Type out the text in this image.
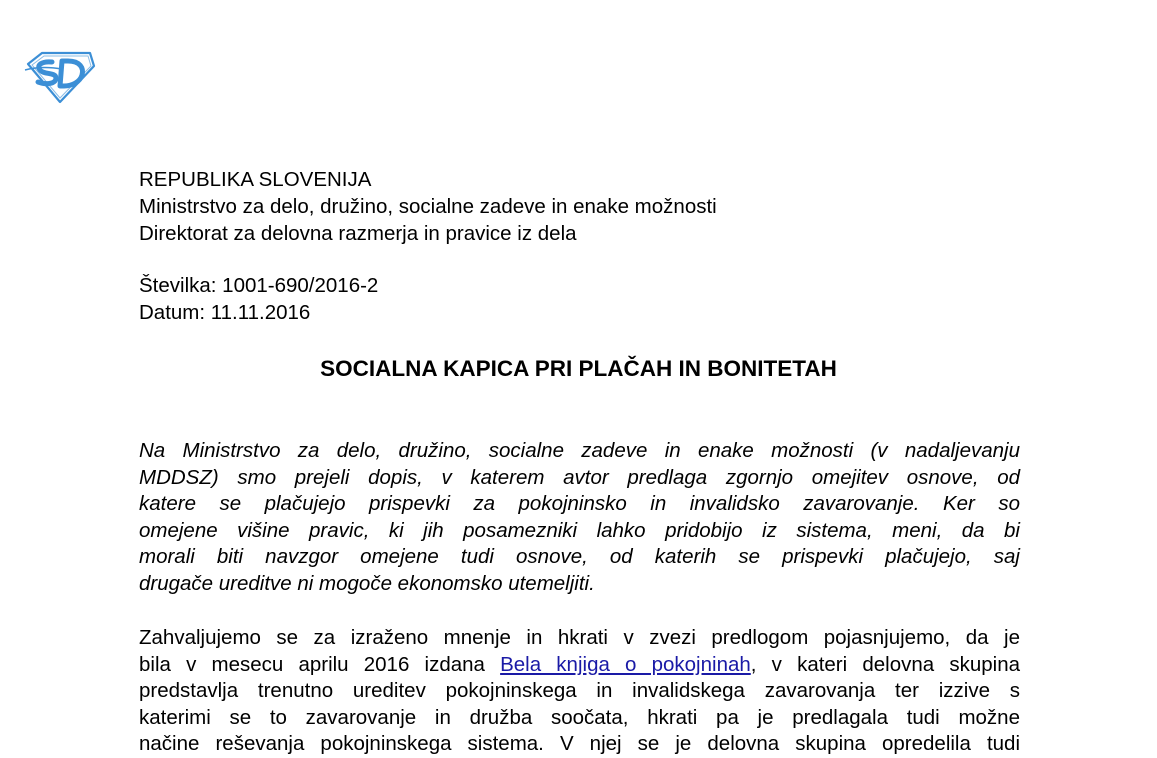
REPUBLIKA SLOVENIJA
Ministrstvo za delo, družino, socialne zadeve in enake možnosti
Direktorat za delovna razmerja in pravice iz dela
Številka: 1001-690/2016-2
Datum: 11.11.2016
SOCIALNA KAPICA PRI PLAČAH IN BONITETAH
Na Ministrstvo za delo, družino, socialne zadeve in enake možnosti (v nadaljevanju
MDDSZ) smo prejeli dopis, v katerem avtor predlaga zgornjo omejitev osnove, od
katere se plačujejo prispevki za pokojninsko in invalidsko zavarovanje. Ker so
omejene višine pravic, ki jih posamezniki lahko pridobijo iz sistema, meni, da bi
morali biti navzgor omejene tudi osnove, od katerih se prispevki plačujejo, saj
drugače ureditve ni mogoče ekonomsko utemeljiti.
Zahvaljujemo se za izraženo mnenje in hkrati v zvezi predlogom pojasnjujemo, da je
bila v mesecu aprilu 2016 izdana Bela knjiga o pokojninah, v kateri delovna skupina
predstavlja trenutno ureditev pokojninskega in invalidskega zavarovanja ter izzive s
katerimi se to zavarovanje in družba soočata, hkrati pa je predlagala tudi možne
načine reševanja pokojninskega sistema. V njej se je delovna skupina opredelila tudi
